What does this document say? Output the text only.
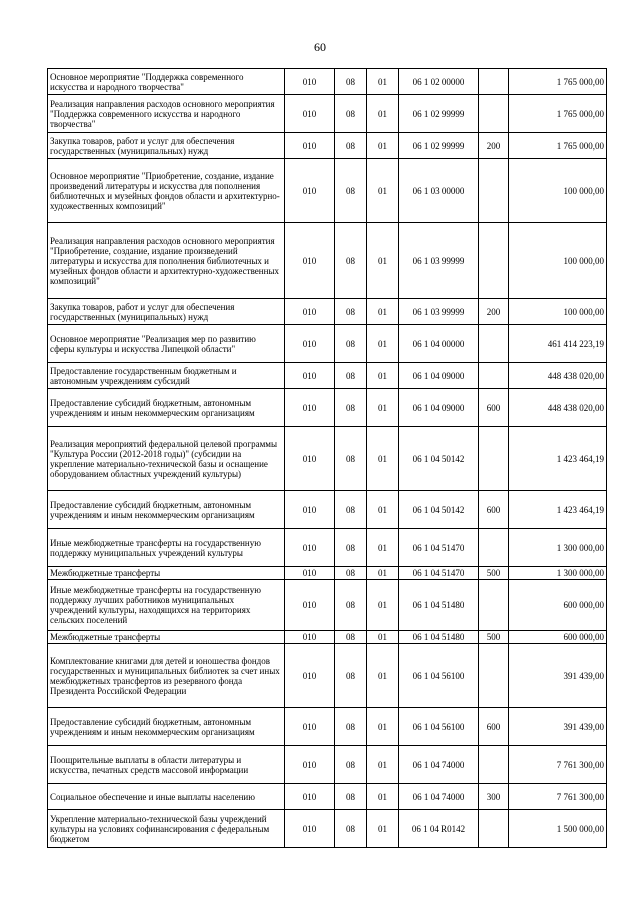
60
Основное мероприятие "Поддержка современного искусства и народного творчества"	010	08	01	06 1 02 00000		1 765 000,00
Реализация направления расходов основного мероприятия "Поддержка современного искусства и народного творчества"	010	08	01	06 1 02 99999		1 765 000,00
Закупка товаров, работ и услуг для обеспечения государственных (муниципальных) нужд	010	08	01	06 1 02 99999	200	1 765 000,00
Основное мероприятие "Приобретение, создание, издание произведений литературы и искусства для пополнения библиотечных и музейных фондов области и архитектурно-художественных композиций"	010	08	01	06 1 03 00000		100 000,00
Реализация направления расходов основного мероприятия "Приобретение, создание, издание произведений литературы и искусства для пополнения библиотечных и музейных фондов области и архитектурно-художественных композиций"	010	08	01	06 1 03 99999		100 000,00
Закупка товаров, работ и услуг для обеспечения государственных (муниципальных) нужд	010	08	01	06 1 03 99999	200	100 000,00
Основное мероприятие "Реализация мер по развитию сферы культуры и искусства Липецкой области"	010	08	01	06 1 04 00000		461 414 223,19
Предоставление государственным бюджетным и автономным учреждениям субсидий	010	08	01	06 1 04 09000		448 438 020,00
Предоставление субсидий бюджетным, автономным учреждениям и иным некоммерческим организациям	010	08	01	06 1 04 09000	600	448 438 020,00
Реализация мероприятий федеральной целевой программы "Культура России (2012-2018 годы)" (субсидии на укрепление материально-технической базы и оснащение оборудованием областных учреждений культуры)	010	08	01	06 1 04 50142		1 423 464,19
Предоставление субсидий бюджетным, автономным учреждениям и иным некоммерческим организациям	010	08	01	06 1 04 50142	600	1 423 464,19
Иные межбюджетные трансферты на государственную поддержку муниципальных учреждений культуры	010	08	01	06 1 04 51470		1 300 000,00
Межбюджетные трансферты	010	08	01	06 1 04 51470	500	1 300 000,00
Иные межбюджетные трансферты на государственную поддержку лучших работников муниципальных учреждений культуры, находящихся на территориях сельских поселений	010	08	01	06 1 04 51480		600 000,00
Межбюджетные трансферты	010	08	01	06 1 04 51480	500	600 000,00
Комплектование книгами для детей и юношества фондов государственных и муниципальных библиотек за счет иных межбюджетных трансфертов из резервного фонда Президента Российской Федерации	010	08	01	06 1 04 56100		391 439,00
Предоставление субсидий бюджетным, автономным учреждениям и иным некоммерческим организациям	010	08	01	06 1 04 56100	600	391 439,00
Поощрительные выплаты в области литературы и искусства, печатных средств массовой информации	010	08	01	06 1 04 74000		7 761 300,00
Социальное обеспечение и иные выплаты населению	010	08	01	06 1 04 74000	300	7 761 300,00
Укрепление материально-технической базы учреждений культуры на условиях софинансирования с федеральным бюджетом	010	08	01	06 1 04 R0142		1 500 000,00
